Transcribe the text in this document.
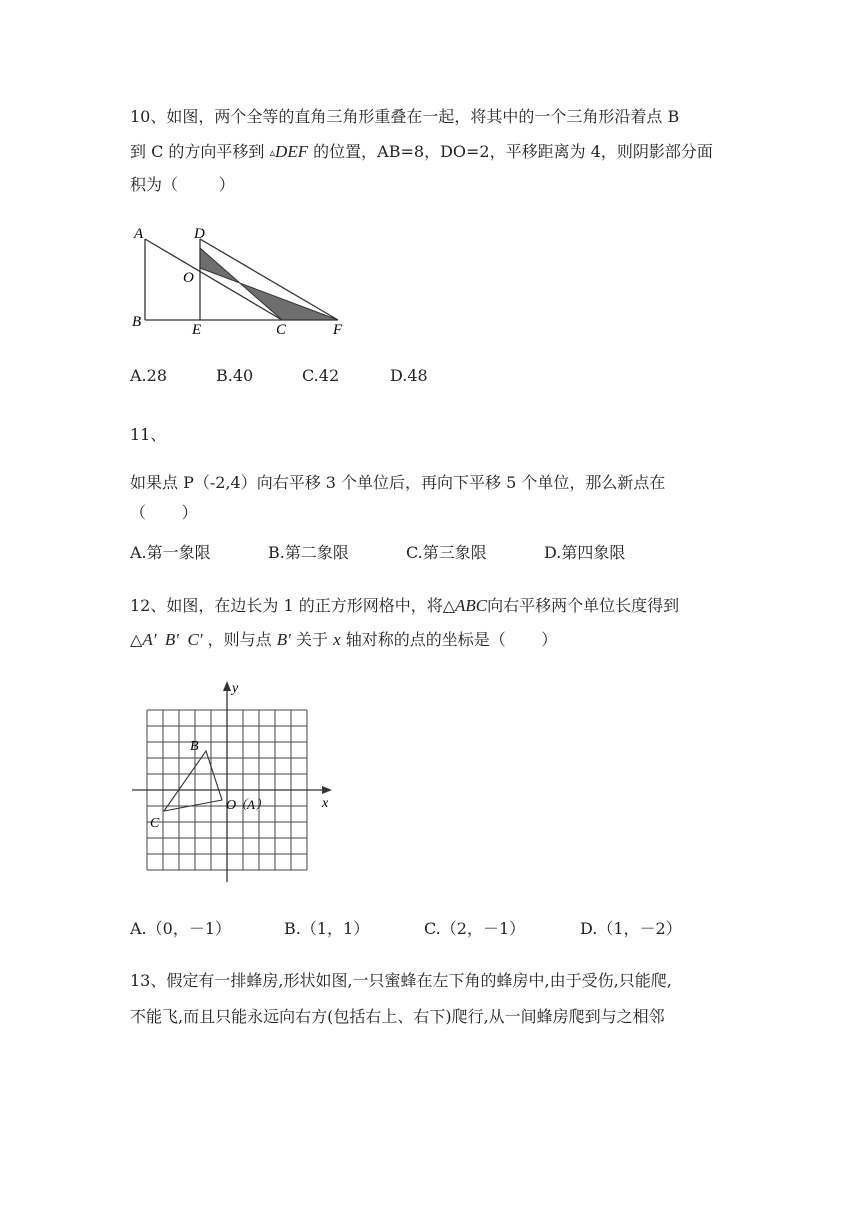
10、如图，两个全等的直角三角形重叠在一起，将其中的一个三角形沿着点 B
到 C 的方向平移到 ▵DEF 的位置，AB=8，DO=2，平移距离为 4，则阴影部分面
积为（        ）
A	D
O
B	E	C	F

A.28

	B.40

	C.42

	D.48

11、
如果点 P（-2,4）向右平移 3 个单位后，再向下平移 5 个单位，那么新点在
（       ）

A.第一象限

	B.第二象限

	C.第三象限

	D.第四象限

12、如图，在边长为 1 的正方形网格中，将△ABC向右平移两个单位长度得到
△A′  B′  C′ ，则与点 B′ 关于 x 轴对称的点的坐标是（       ）
y
x
B
C
O
（A）

A.（0，－1）

	B.（1，1）

	C.（2，－1）

	D.（1，－2）

13、假定有一排蜂房,形状如图,一只蜜蜂在左下角的蜂房中,由于受伤,只能爬,
不能飞,而且只能永远向右方(包括右上、右下)爬行,从一间蜂房爬到与之相邻
